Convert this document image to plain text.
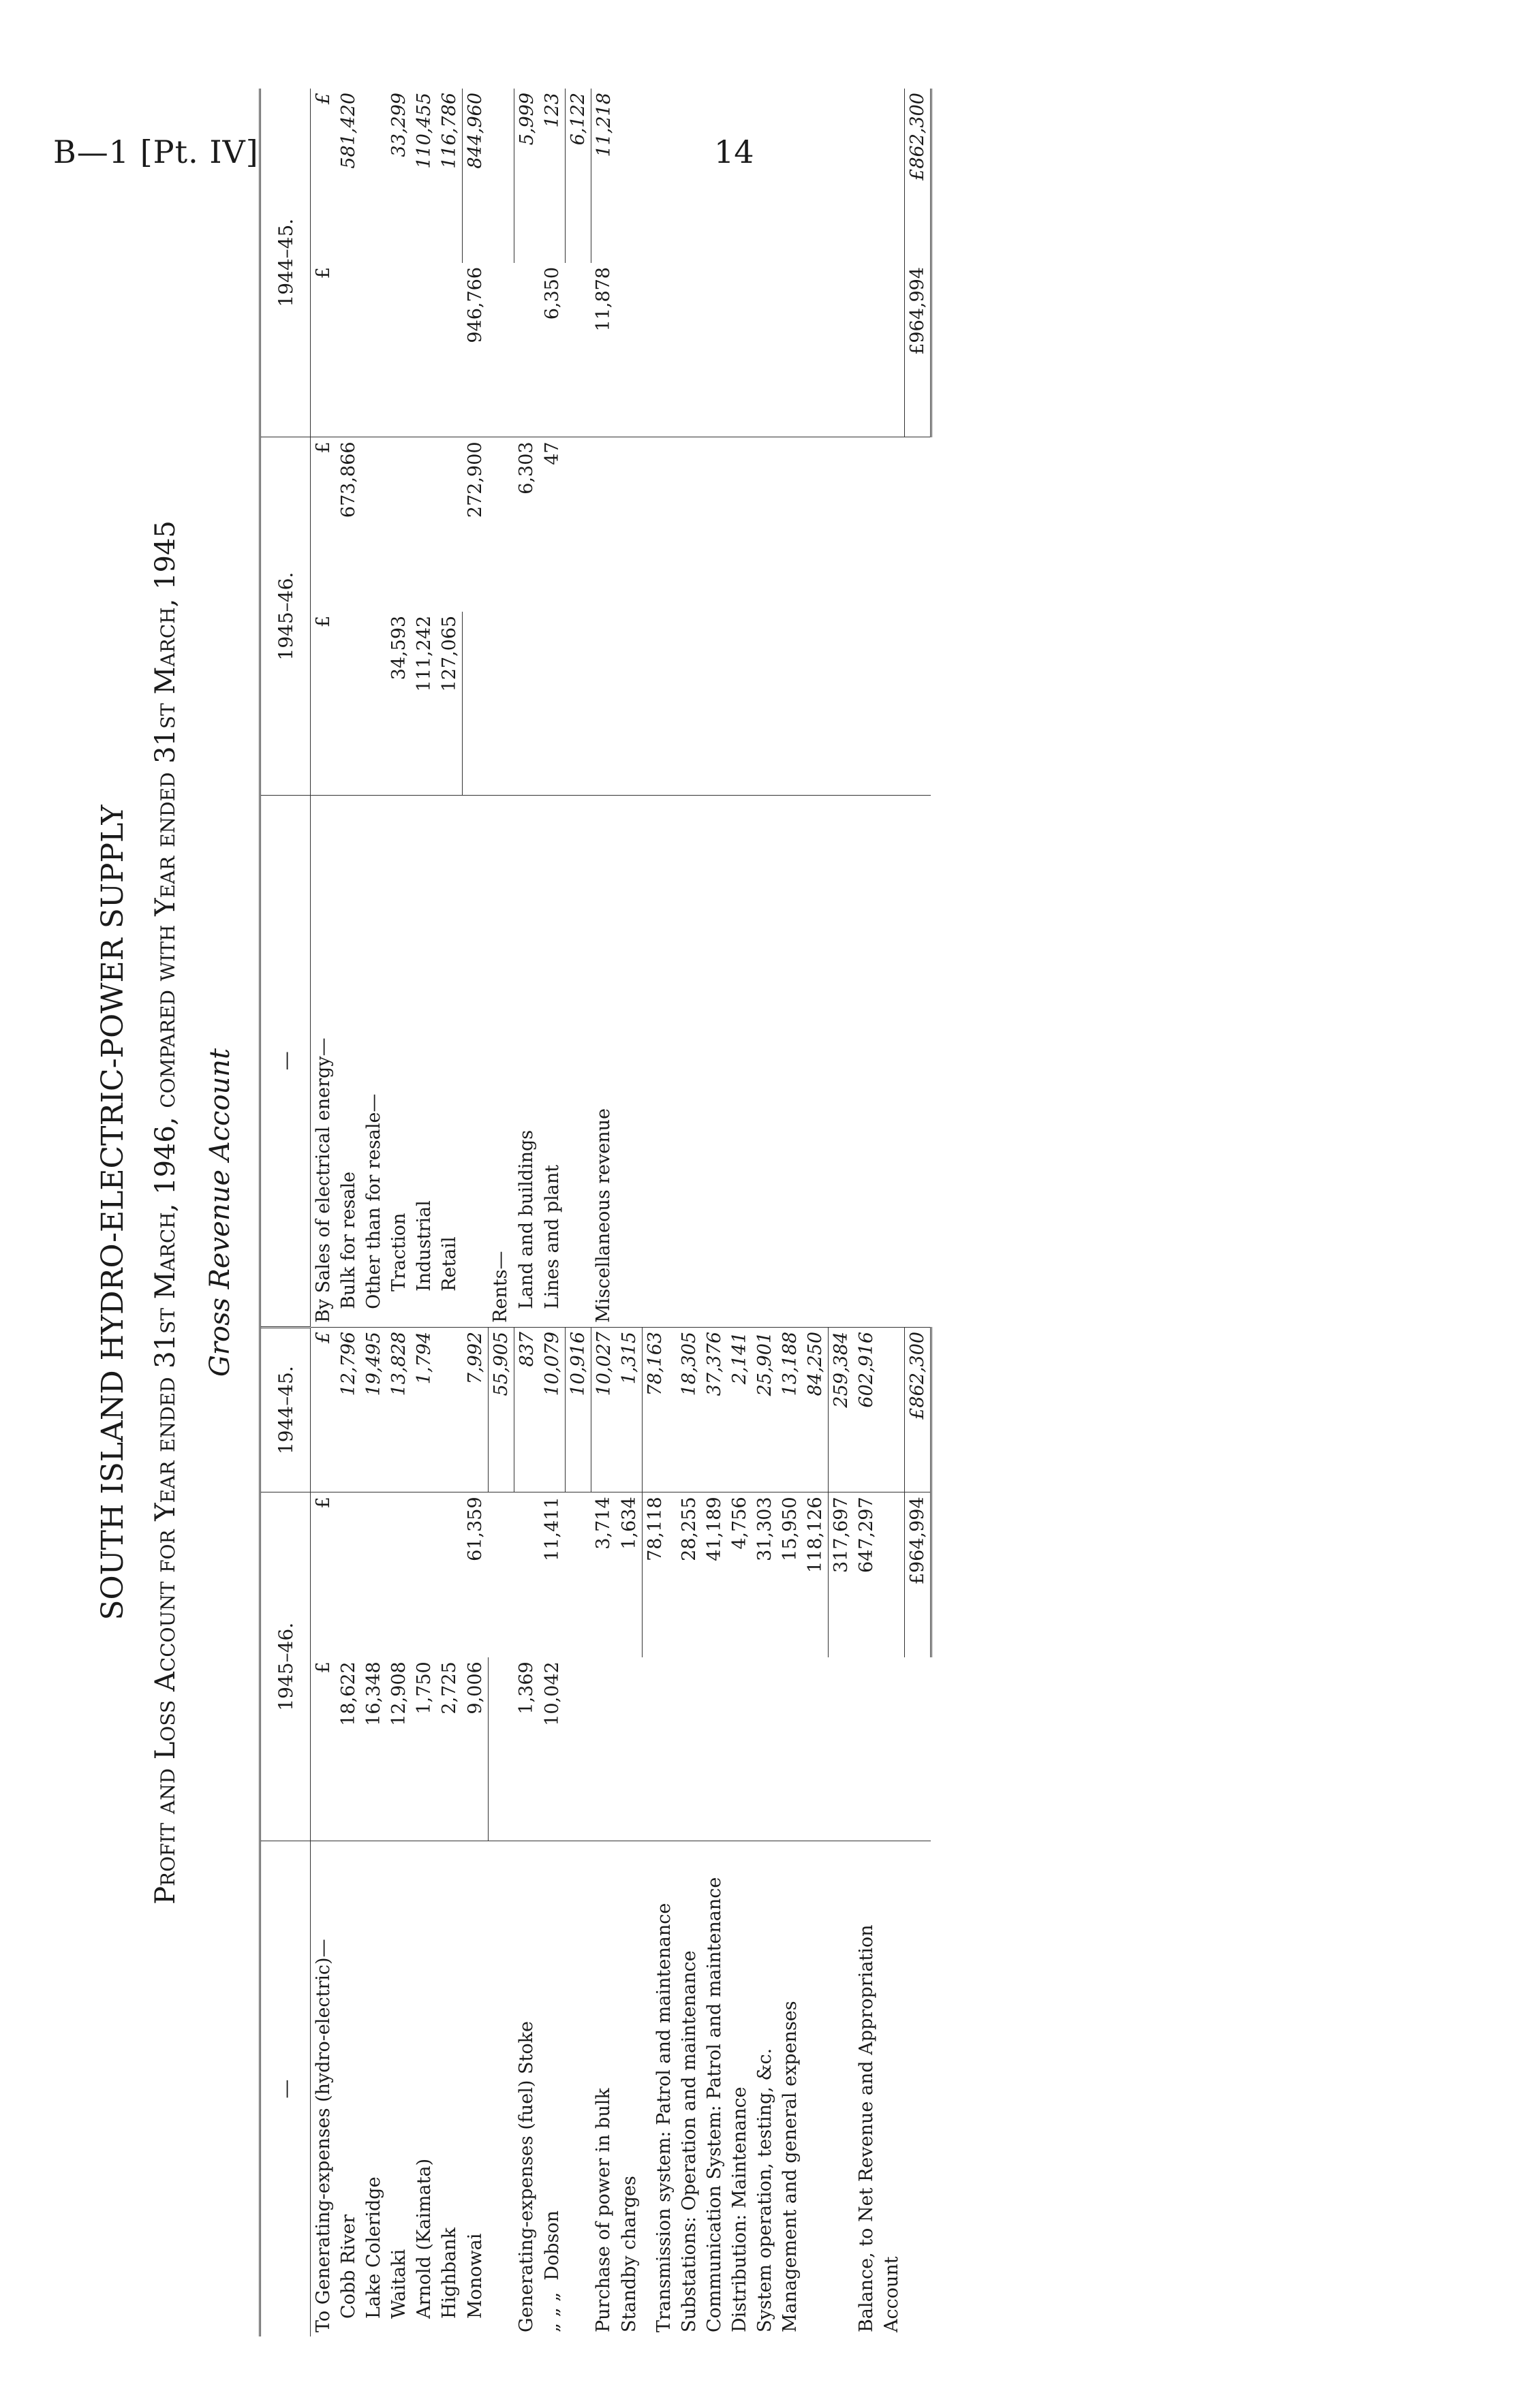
B—1 [Pt. IV]	14
SOUTH ISLAND HYDRO-ELECTRIC-POWER SUPPLY Profit and Loss Account for Year ended 31st March, 1946, compared with Year ended 31st March, 1945 Gross Revenue Account
—	1945–46.		1944–45.	—	1945–46.		1944–45.	
To Generating-expenses (hydro-electric)—	£	£	£	By Sales of electrical energy—	£	£	£	£
Cobb River	18,622		12,796	Bulk for resale		673,866		581,420
Lake Coleridge	16,348		19,495	Other than for resale—				
Waitaki	12,908		13,828	Traction	34,593			33,299
Arnold (Kaimata)	1,750		1,794	Industrial	111,242			110,455
Highbank	2,725			Retail	127,065			116,786
Monowai	9,006	61,359	7,992			272,900	946,766	844,960
			55,905	Rents—				
Generating-expenses (fuel) Stoke	1,369		837	Land and buildings		6,303		5,999
„ „ „  Dobson	10,042	11,411	10,079	Lines and plant		47	6,350	123
			10,916					6,122
Purchase of power in bulk		3,714	10,027	Miscellaneous revenue			11,878	11,218
Standby charges		1,634	1,315					
Transmission system: Patrol and maintenance		78,118	78,163					
Substations: Operation and maintenance		28,255	18,305					
Communication System: Patrol and maintenance		41,189	37,376					
Distribution: Maintenance		4,756	2,141					
System operation, testing, &c.		31,303	25,901					
Management and general expenses		15,950	13,188					
		118,126	84,250					
		317,697	259,384					
Balance, to Net Revenue and Appropriation Account		647,297	602,916					
		£964,994	£862,300				£964,994	£862,300
